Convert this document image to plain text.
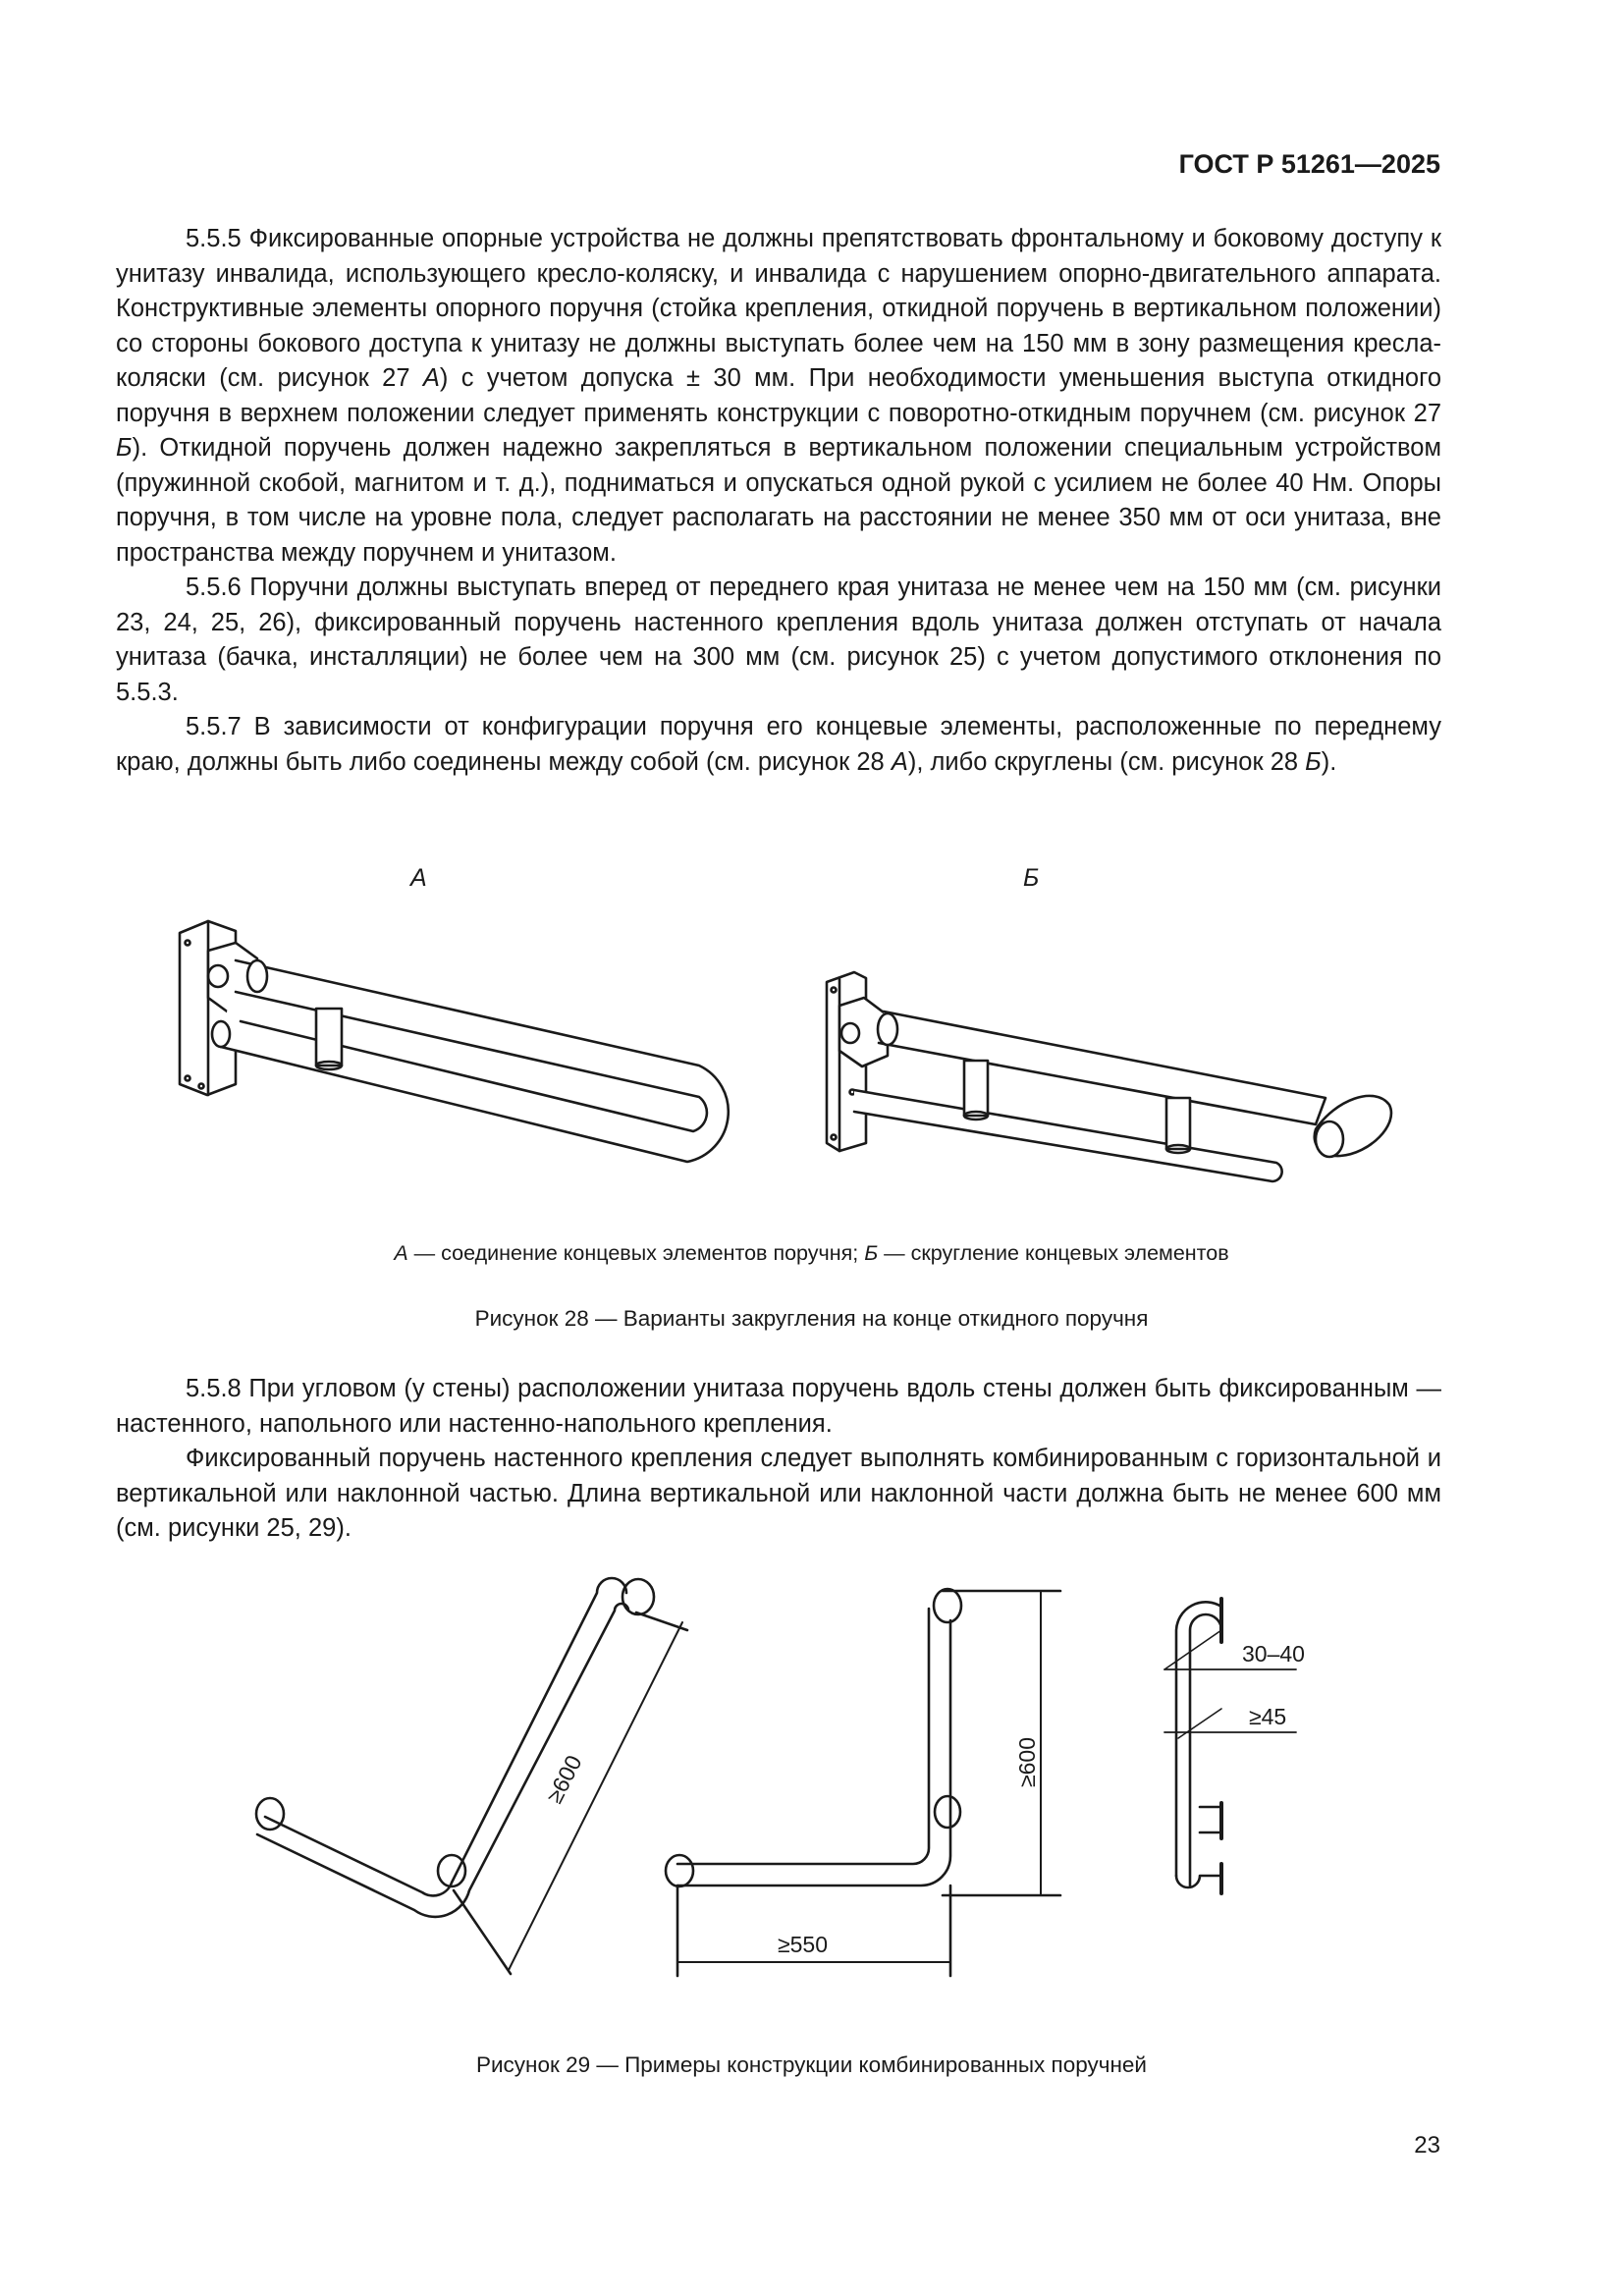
ГОСТ Р 51261—2025

5.5.5 Фиксированные опорные устройства не должны препятствовать фронтальному и боковому доступу к унитазу инвалида, использующего кресло-коляску, и инвалида с нарушением опорно-двигательного аппарата. Конструктивные элементы опорного поручня (стойка крепления, откидной поручень в вертикальном положении) со стороны бокового доступа к унитазу не должны выступать более чем на 150 мм в зону размещения кресла-коляски (см. рисунок 27 А) с учетом допуска ± 30 мм. При необходимости уменьшения выступа откидного поручня в верхнем положении следует применять конструкции с поворотно-откидным поручнем (см. рисунок 27 Б). Откидной поручень должен надежно закрепляться в вертикальном положении специальным устройством (пружинной скобой, магнитом и т. д.), подниматься и опускаться одной рукой с усилием не более 40 Нм. Опоры поручня, в том числе на уровне пола, следует располагать на расстоянии не менее 350 мм от оси унитаза, вне пространства между поручнем и унитазом.

5.5.6 Поручни должны выступать вперед от переднего края унитаза не менее чем на 150 мм (см. рисунки 23, 24, 25, 26), фиксированный поручень настенного крепления вдоль унитаза должен отступать от начала унитаза (бачка, инсталляции) не более чем на 300 мм (см. рисунок 25) с учетом допустимого отклонения по 5.5.3.

5.5.7 В зависимости от конфигурации поручня его концевые элементы, расположенные по переднему краю, должны быть либо соединены между собой (см. рисунок 28 А), либо скруглены (см. рисунок 28 Б).

А	Б
А — соединение концевых элементов поручня; Б — скругление концевых элементов
Рисунок 28 — Варианты закругления на конце откидного поручня

5.5.8 При угловом (у стены) расположении унитаза поручень вдоль стены должен быть фиксированным — настенного, напольного или настенно-напольного крепления.

Фиксированный поручень настенного крепления следует выполнять комбинированным с горизонтальной и вертикальной или наклонной частью. Длина вертикальной или наклонной части должна быть не менее 600 мм (см. рисунки 25, 29).

≥600
≥550
≥600
30–40
≥45
Рисунок 29 — Примеры конструкции комбинированных поручней
23
